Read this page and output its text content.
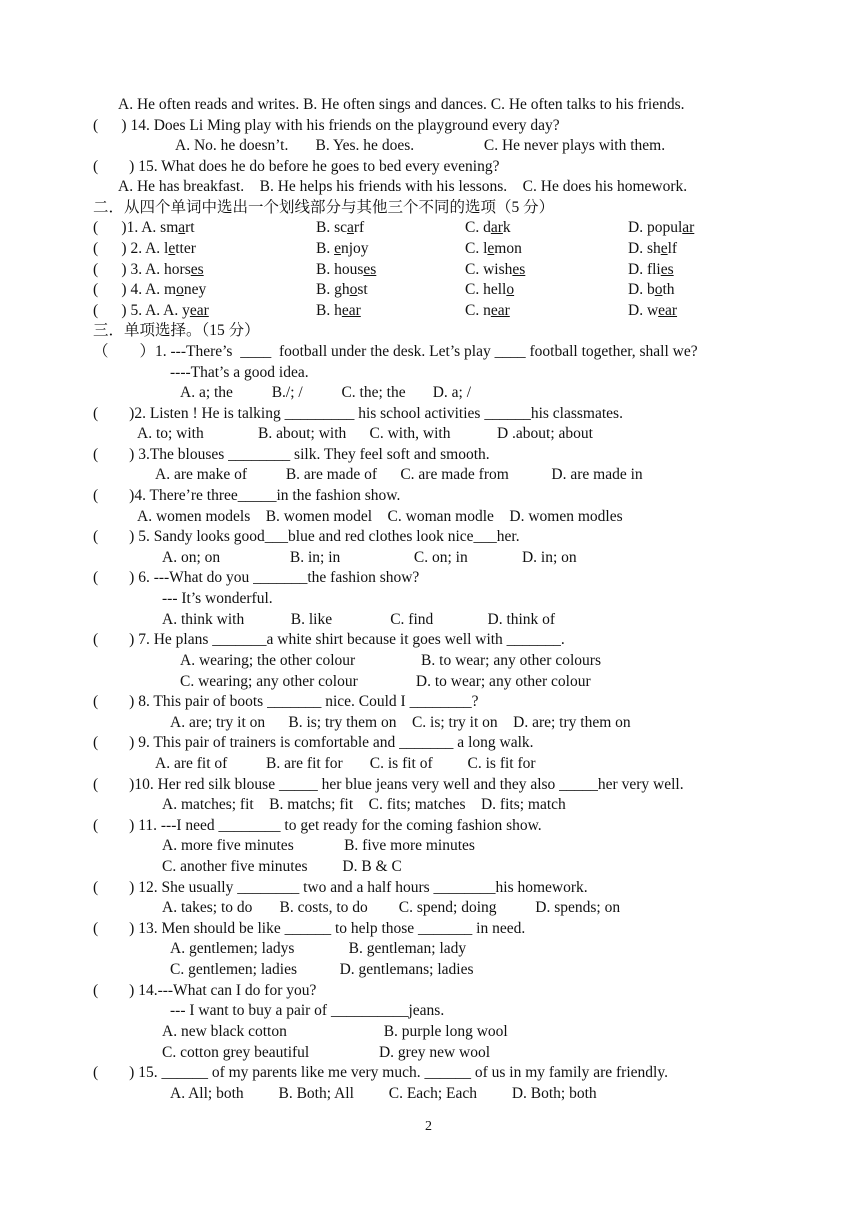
A. He often reads and writes. B. He often sings and dances. C. He often talks to his friends.
(      ) 14. Does Li Ming play with his friends on the playground every day?
A. No. he doesn’t.       B. Yes. he does.                  C. He never plays with them.
(        ) 15. What does he do before he goes to bed every evening?
A. He has breakfast.    B. He helps his friends with his lessons.    C. He does his homework.
二．从四个单词中选出一个划线部分与其他三个不同的选项（5 分）
(      )1. A. smart	B. scarf	C. dark	D. popular
(      ) 2. A. letter	B. enjoy	C. lemon	D. shelf
(      ) 3. A. horses	B. houses	C. wishes	D. flies
(      ) 4. A. money	B. ghost	C. hello	D. both
(      ) 5. A. A. year	B. hear	C. near	D. wear
三．单项选择。（15 分）
（        ）1. ---There’s  ____  football under the desk. Let’s play ____ football together, shall we?
----That’s a good idea.
A. a; the          B./; /          C. the; the       D. a; /
(        )2. Listen ! He is talking _________ his school activities ______his classmates.
A. to; with              B. about; with      C. with, with            D .about; about
(        ) 3.The blouses ________ silk. They feel soft and smooth.
A. are make of          B. are made of      C. are made from           D. are made in
(        )4. There’re three_____in the fashion show.
A. women models    B. women model    C. woman modle    D. women modles
(        ) 5. Sandy looks good___blue and red clothes look nice___her.
A. on; on                  B. in; in                   C. on; in              D. in; on
(        ) 6. ---What do you _______the fashion show?
--- It’s wonderful.
A. think with            B. like               C. find              D. think of
(        ) 7. He plans _______a white shirt because it goes well with _______.
A. wearing; the other colour                 B. to wear; any other colours
C. wearing; any other colour               D. to wear; any other colour
(        ) 8. This pair of boots _______ nice. Could I ________?
A. are; try it on      B. is; try them on    C. is; try it on    D. are; try them on
(        ) 9. This pair of trainers is comfortable and _______ a long walk.
A. are fit of          B. are fit for       C. is fit of         C. is fit for
(        )10. Her red silk blouse _____ her blue jeans very well and they also _____her very well.
A. matches; fit    B. matchs; fit    C. fits; matches    D. fits; match
(        ) 11. ---I need ________ to get ready for the coming fashion show.
A. more five minutes             B. five more minutes
C. another five minutes         D. B & C
(        ) 12. She usually ________ two and a half hours ________his homework.
A. takes; to do       B. costs, to do        C. spend; doing          D. spends; on
(        ) 13. Men should be like ______ to help those _______ in need.
A. gentlemen; ladys              B. gentleman; lady
C. gentlemen; ladies           D. gentlemans; ladies
(        ) 14.---What can I do for you?
--- I want to buy a pair of __________jeans.
A. new black cotton                         B. purple long wool
C. cotton grey beautiful                  D. grey new wool
(        ) 15. ______ of my parents like me very much. ______ of us in my family are friendly.
A. All; both         B. Both; All         C. Each; Each         D. Both; both
2
